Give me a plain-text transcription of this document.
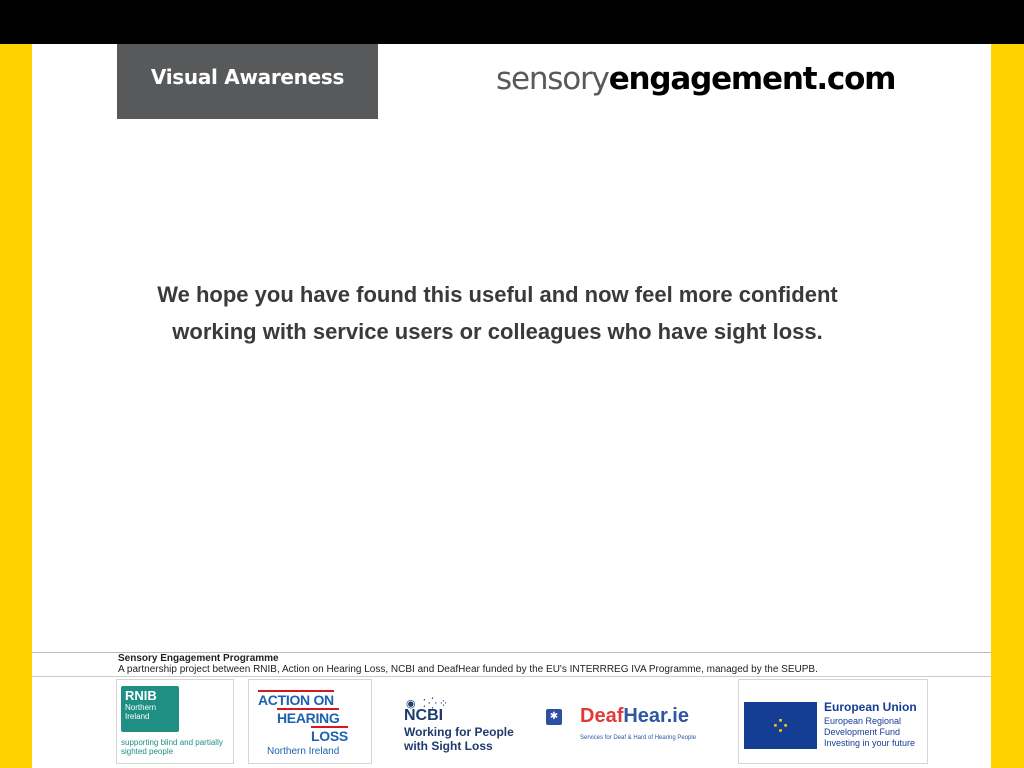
Visual Awareness	sensoryengagement.com
We hope you have found this useful and now feel more confident working with service users or colleagues who have sight loss.
Sensory Engagement Programme
A partnership project between RNIB, Action on Hearing Loss, NCBI and DeafHear funded by the EU's INTERRREG IVA Programme, managed by the SEUPB.
RNIB
Northern
Ireland
supporting blind and partially sighted people
ACTION ON
HEARING
LOSS
Northern Ireland
◉ ⁚⁛⁘
NCBI
Working for People
with Sight Loss
✱ DeafHear.ie
Services for Deaf & Hard of Hearing People	⁘
European Union
European Regional
Development Fund
Investing in your future
